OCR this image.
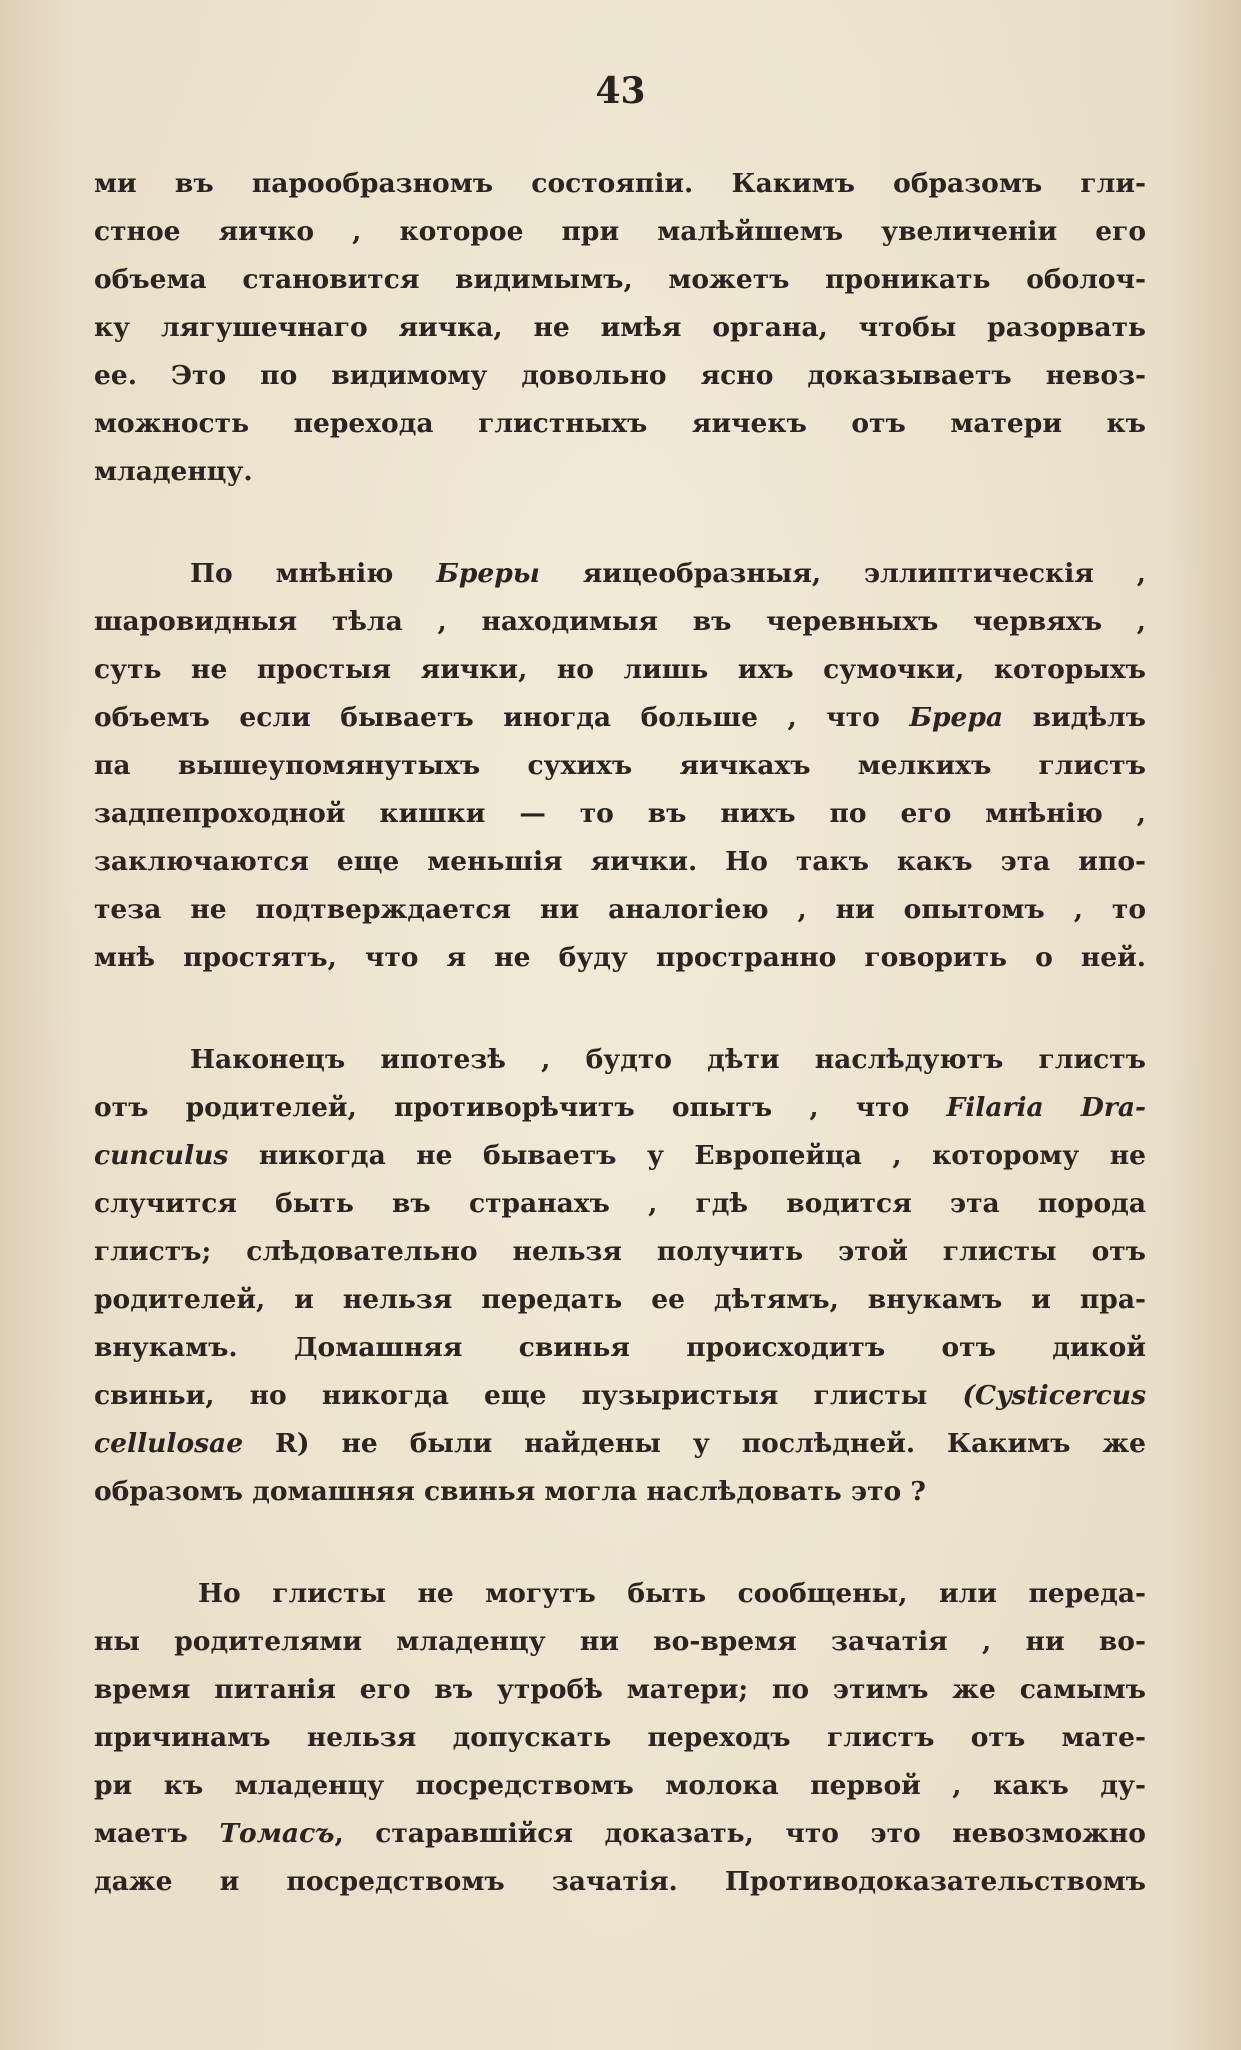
43
ми въ парообразномъ состояпіи. Какимъ образомъ гли-
стное яичко , которое при малѣйшемъ увеличеніи его
объема становится видимымъ, можетъ проникать оболоч-
ку лягушечнаго яичка, не имѣя органа, чтобы разорвать
ее. Это по видимому довольно ясно доказываетъ невоз-
можность перехода глистныхъ яичекъ отъ матери къ
младенцу.
По мнѣнію Бреры яицеобразныя, эллиптическія ,
шаровидныя тѣла , находимыя въ черевныхъ червяхъ ,
суть не простыя яички, но лишь ихъ сумочки, которыхъ
объемъ если бываетъ иногда больше , что Брера видѣлъ
па вышеупомянутыхъ сухихъ яичкахъ мелкихъ глистъ
задпепроходной кишки — то въ нихъ по его мнѣнію ,
заключаются еще меньшія яички. Но такъ какъ эта ипо-
теза не подтверждается ни аналогіею , ни опытомъ , то
мнѣ простятъ, что я не буду пространно говорить о ней.
Наконецъ ипотезѣ , будто дѣти наслѣдуютъ глистъ
отъ родителей, противорѣчитъ опытъ , что Filaria Dra-
cunculus никогда не бываетъ у Европейца , которому не
случится быть въ странахъ , гдѣ водится эта порода
глистъ; слѣдовательно нельзя получить этой глисты отъ
родителей, и нельзя передать ее дѣтямъ, внукамъ и пра-
внукамъ. Домашняя свинья происходитъ отъ дикой
свиньи, но никогда еще пузыристыя глисты (Cysticercus
cellulosae R) не были найдены у послѣдней. Какимъ же
образомъ домашняя свинья могла наслѣдовать это ?
Но глисты не могутъ быть сообщены, или переда-
ны родителями младенцу ни во-время зачатія , ни во-
время питанія его въ утробѣ матери; по этимъ же самымъ
причинамъ нельзя допускать переходъ глистъ отъ мате-
ри къ младенцу посредствомъ молока первой , какъ ду-
маетъ Томасъ, старавшійся доказать, что это невозможно
даже и посредствомъ зачатія. Противодоказательствомъ
